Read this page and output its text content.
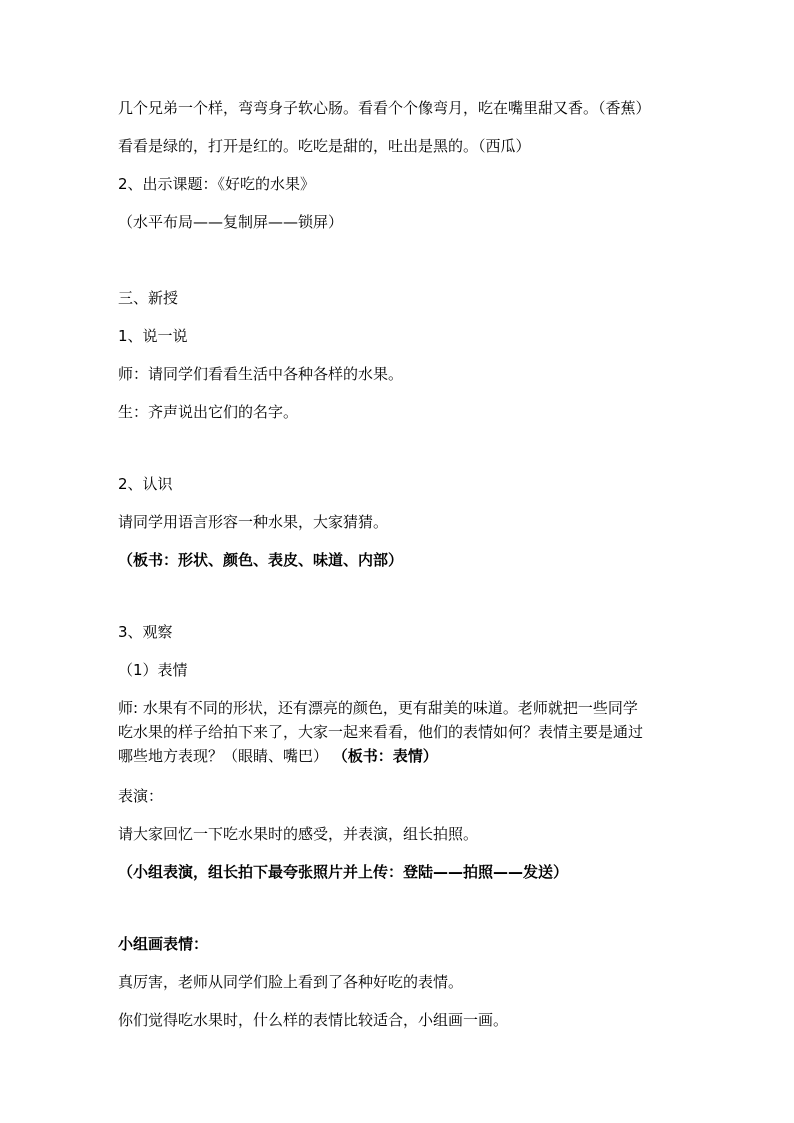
几个兄弟一个样，弯弯身子软心肠。看看个个像弯月，吃在嘴里甜又香。（香蕉）
看看是绿的，打开是红的。吃吃是甜的，吐出是黑的。（西瓜）
2、出示课题：《好吃的水果》
（水平布局——复制屏——锁屏）
三、新授
1、说一说
师：请同学们看看生活中各种各样的水果。
生：齐声说出它们的名字。
2、认识
请同学用语言形容一种水果，大家猜猜。
（板书：形状、颜色、表皮、味道、内部）
3、观察
（1）表情
师: 水果有不同的形状，还有漂亮的颜色，更有甜美的味道。老师就把一些同学
吃水果的样子给拍下来了，大家一起来看看，他们的表情如何？表情主要是通过
哪些地方表现？（眼睛、嘴巴） （板书：表情）
表演：
请大家回忆一下吃水果时的感受，并表演，组长拍照。
（小组表演，组长拍下最夸张照片并上传：登陆——拍照——发送）
小组画表情：
真厉害，老师从同学们脸上看到了各种好吃的表情。
你们觉得吃水果时，什么样的表情比较适合，小组画一画。
